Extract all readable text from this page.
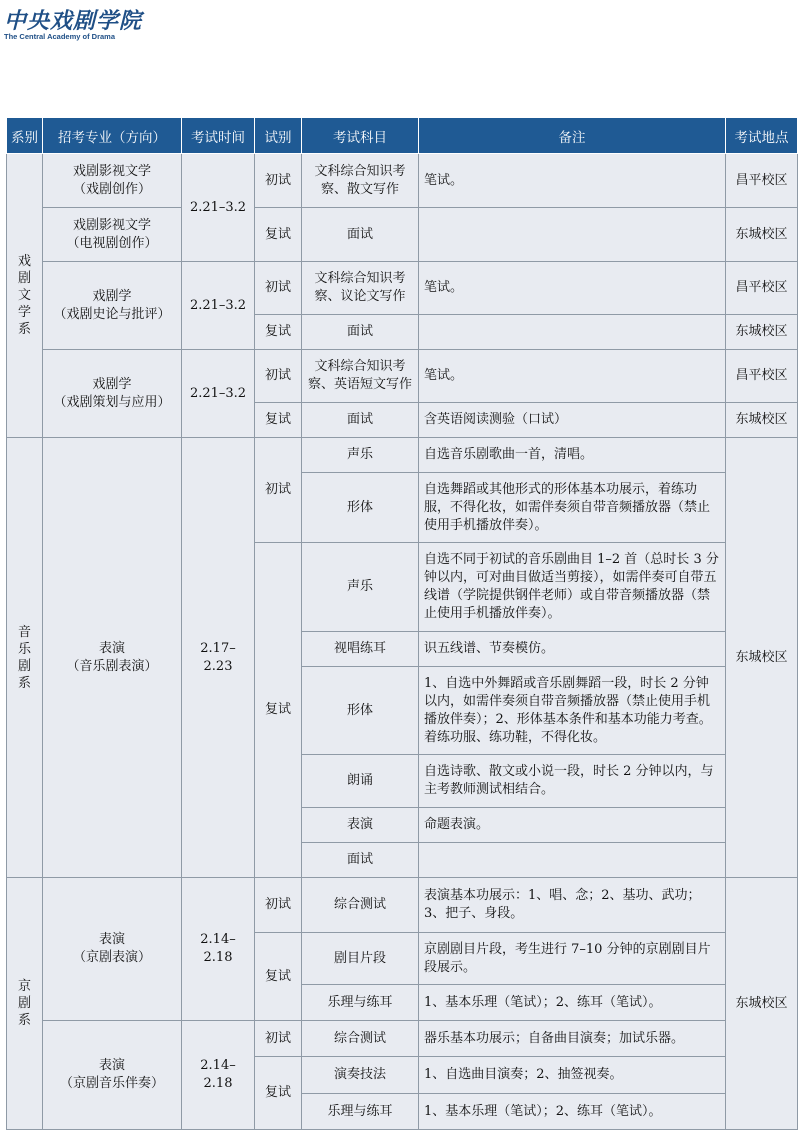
中央戏剧学院
The Central Academy of Drama
系别	招考专业（方向）	考试时间	试别	考试科目	备注	考试地点

戏剧文学系	戏剧影视文学
（戏剧创作）	2.21–3.2	初试	文科综合知识考察、散文写作	笔试。	昌平校区
	戏剧影视文学
（电视剧创作）		复试	面试		东城校区
	戏剧学
（戏剧史论与批评）	2.21–3.2	初试	文科综合知识考察、议论文写作	笔试。	昌平校区
			复试	面试		东城校区
	戏剧学
（戏剧策划与应用）	2.21–3.2	初试	文科综合知识考察、英语短文写作	笔试。	昌平校区
			复试	面试	含英语阅读测验（口试）	东城校区

音乐剧系	表演
（音乐剧表演）	2.17–2.23	初试	声乐	自选音乐剧歌曲一首，清唱。	东城校区
				形体	自选舞蹈或其他形式的形体基本功展示，着练功服，不得化妆，如需伴奏须自带音频播放器（禁止使用手机播放伴奏）。	
			复试	声乐	自选不同于初试的音乐剧曲目 1–2 首（总时长 3 分钟以内，可对曲目做适当剪接），如需伴奏可自带五线谱（学院提供钢伴老师）或自带音频播放器（禁止使用手机播放伴奏）。	
				视唱练耳	识五线谱、节奏模仿。	
				形体	1、自选中外舞蹈或音乐剧舞蹈一段，时长 2 分钟以内，如需伴奏须自带音频播放器（禁止使用手机播放伴奏）；2、形体基本条件和基本功能力考查。着练功服、练功鞋，不得化妆。	
				朗诵	自选诗歌、散文或小说一段，时长 2 分钟以内，与主考教师测试相结合。	
				表演	命题表演。	
				面试		

京剧系	表演
（京剧表演）	2.14–2.18	初试	综合测试	表演基本功展示：1、唱、念；2、基功、武功；3、把子、身段。	东城校区
			复试	剧目片段	京剧剧目片段，考生进行 7–10 分钟的京剧剧目片段展示。	
				乐理与练耳	1、基本乐理（笔试）；2、练耳（笔试）。	
	表演
（京剧音乐伴奏）	2.14–2.18	初试	综合测试	器乐基本功展示；自备曲目演奏；加试乐器。	
			复试	演奏技法	1、自选曲目演奏；2、抽签视奏。	
				乐理与练耳	1、基本乐理（笔试）；2、练耳（笔试）。	
